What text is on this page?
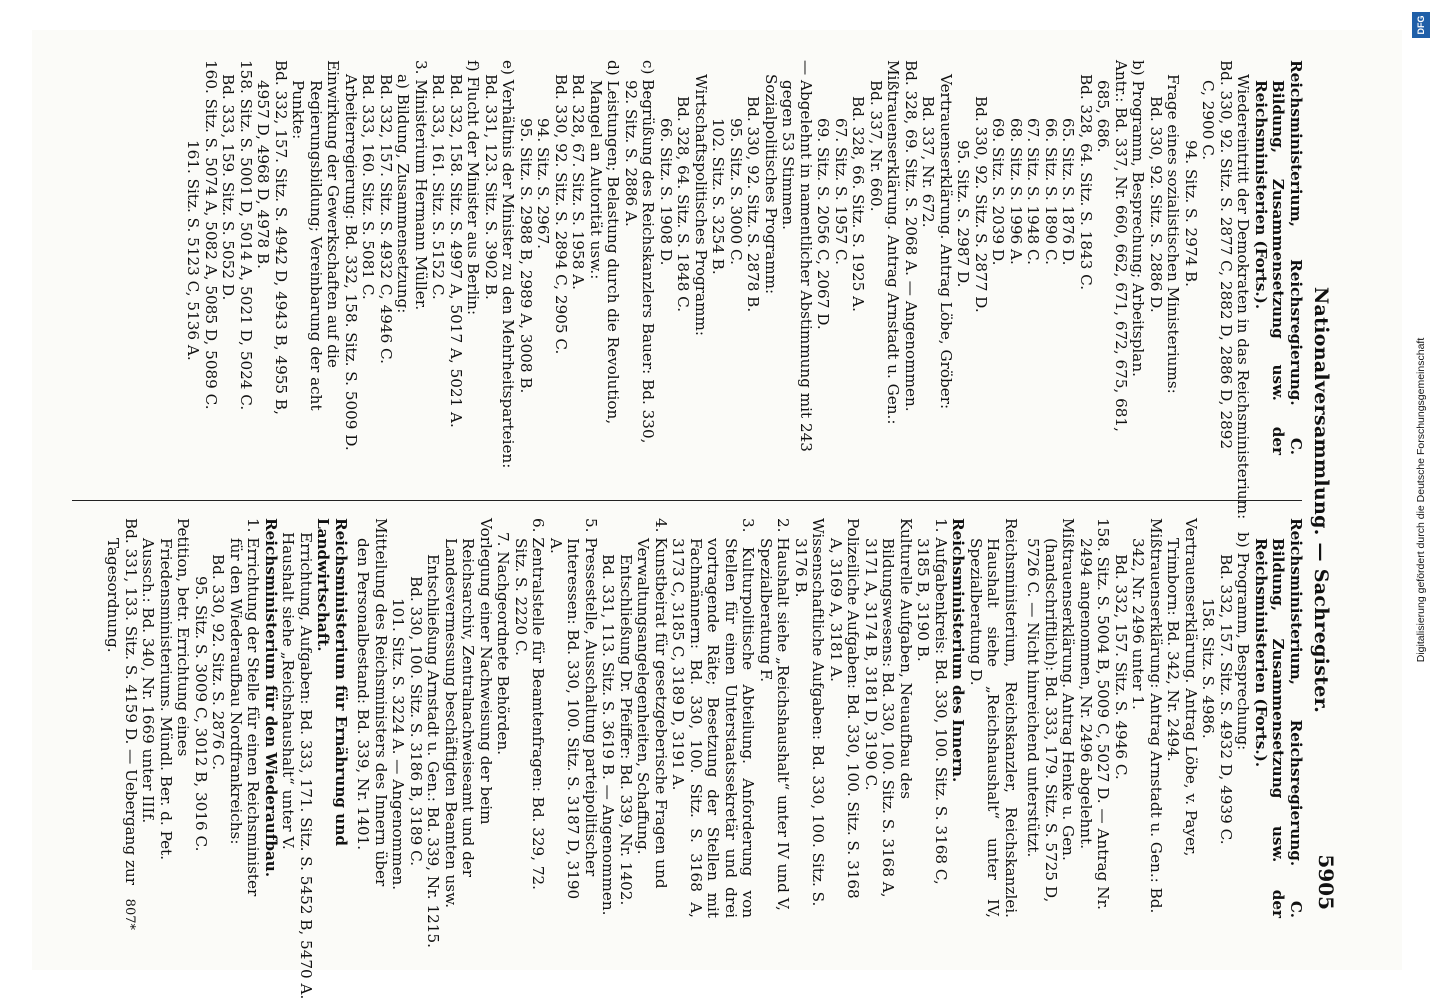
Nationalversammlung. — Sachregister.
5905

Reichsministerium, Reichsregierung. C. Bildung, Zusammensetzung usw. der Reichsministerien (Forts.).

Wiedereintritt der Demokraten in das Reichsministerium:
Bd. 330, 92. Sitz. S. 2877 C, 2882 D, 2886 D, 2892 C, 2900 C.
94. Sitz. S. 2974 B.
Frage eines sozialistischen Ministeriums:
Bd. 330, 92. Sitz. S. 2886 D.
b) Programm, Besprechung; Arbeitsplan.
Antr.: Bd. 337, Nr. 660, 662, 671, 672, 675, 681, 685, 686.
Bd. 328, 64. Sitz. S. 1843 C.
65. Sitz. S. 1876 D.
66. Sitz. S. 1890 C.
67. Sitz. S. 1948 C.
68. Sitz. S. 1996 A.
69. Sitz. S. 2039 D.
Bd. 330, 92. Sitz. S. 2877 D.
95. Sitz. S. 2987 D.
Vertrauenserklärung. Antrag Löbe, Gröber:
Bd. 337, Nr. 672.
Bd. 328, 69. Sitz. S. 2068 A. — Angenommen.
Mißtrauenserklärung. Antrag Arnstadt u. Gen.: Bd. 337, Nr. 660.
Bd. 328, 66. Sitz. S. 1925 A.
67. Sitz. S. 1957 C.
69. Sitz. S. 2056 C, 2067 D.
— Abgelehnt in namentlicher Abstimmung mit 243 gegen 53 Stimmen.
Sozialpolitisches Programm:
Bd. 330, 92. Sitz. S. 2878 B.
95. Sitz. S. 3000 C.
102. Sitz. S. 3254 B.
Wirtschaftspolitisches Programm:
Bd. 328, 64. Sitz. S. 1848 C.
66. Sitz. S. 1908 D.
c) Begrüßung des Reichskanzlers Bauer: Bd. 330, 92. Sitz. S. 2886 A.
d) Leistungen; Belastung durch die Revolution, Mangel an Autorität usw.:
Bd. 328, 67. Sitz. S. 1958 A.
Bd. 330, 92. Sitz. S. 2894 C, 2905 C.
94. Sitz. S. 2967.
95. Sitz. S. 2988 B, 2989 A, 3008 B.
e) Verhältnis der Minister zu den Mehrheitsparteien:
Bd. 331, 123. Sitz. S. 3902 B.
f) Flucht der Minister aus Berlin:
Bd. 332, 158. Sitz. S. 4997 A, 5017 A, 5021 A.
Bd. 333, 161. Sitz. S. 5152 C.
3. Ministerium Hermann Müller.
a) Bildung, Zusammensetzung:
Bd. 332, 157. Sitz. S. 4932 C, 4946 C.
Bd. 333, 160. Sitz. S. 5081 C.
Arbeiterregierung: Bd. 332, 158. Sitz. S. 5009 D.
Einwirkung der Gewerkschaften auf die Regierungsbildung; Vereinbarung der acht Punkte:
Bd. 332, 157. Sitz. S. 4942 D, 4943 B, 4955 B, 4957 D, 4968 D, 4978 B.
158. Sitz. S. 5001 D, 5014 A, 5021 D, 5024 C.
Bd. 333, 159. Sitz. S. 5052 D.
160. Sitz. S. 5074 A, 5082 A, 5085 D, 5089 C.
161. Sitz. S. 5123 C, 5136 A.

Reichsministerium, Reichsregierung. C. Bildung, Zusammensetzung usw. der Reichsministerien (Forts.).

b) Programm, Besprechung:
Bd. 332, 157. Sitz. S. 4932 D, 4939 C.
158. Sitz. S. 4986.
Vertrauenserklärung. Antrag Löbe, v. Payer, Trimborn: Bd. 342, Nr. 2494.
Mißtrauenserklärung: Antrag Arnstadt u. Gen.: Bd. 342, Nr. 2496 unter 1.
Bd. 332, 157. Sitz. S. 4946 C.
158. Sitz. S. 5004 B, 5009 C, 5027 D. — Antrag Nr. 2494 angenommen, Nr. 2496 abgelehnt.
Mißtrauenserklärung. Antrag Henke u. Gen. (handschriftlich): Bd. 333, 179. Sitz. S. 5725 D, 5726 C. — Nicht hinreichend unterstützt.

Reichsministerium, Reichskanzler, Reichskanzlei. Haushalt siehe „Reichshaushalt“ unter IV, Spezialberatung D.

Reichsministerium des Innern.

1. Aufgabenkreis: Bd. 330, 100. Sitz. S. 3168 C, 3185 B, 3190 B.
Kulturelle Aufgaben, Neuaufbau des Bildungswesens: Bd. 330, 100. Sitz. S. 3168 A, 3171 A, 3174 B, 3181 D, 3190 C.
Polizeiliche Aufgaben: Bd. 330, 100. Sitz. S. 3168 A, 3169 A, 3181 A.
Wissenschaftliche Aufgaben: Bd. 330, 100. Sitz. S. 3176 B.
2. Haushalt siehe „Reichshaushalt“ unter IV und V, Spezialberatung F.
3. Kulturpolitische Abteilung. Anforderung von Stellen für einen Unterstaatssekretär und drei vortragende Räte; Besetzung der Stellen mit Fachmännern: Bd. 330, 100. Sitz. S. 3168 A, 3173 C, 3185 C, 3189 D, 3191 A.
4. Kunstbeirat für gesetzgeberische Fragen und Verwaltungsangelegenheiten, Schaffung.
Entschließung Dr. Pfeiffer: Bd. 339, Nr. 1402.
Bd. 331, 113. Sitz. S. 3619 B. — Angenommen.
5. Pressestelle, Ausschaltung parteipolitischer Interessen: Bd. 330, 100. Sitz. S. 3187 D, 3190 A.
6. Zentralstelle für Beamtenfragen: Bd. 329, 72. Sitz. S. 2220 C.
7. Nachgeordnete Behörden.
Vorlegung einer Nachweisung der beim Reichsarchiv, Zentralnachweiseamt und der Landesvermessung beschäftigten Beamten usw.
Entschließung Arnstadt u. Gen.: Bd. 339, Nr. 1215.
Bd. 330, 100. Sitz. S. 3186 B, 3189 C.
101. Sitz. S. 3224 A. — Angenommen.
Mitteilung des Reichsministers des Innern über den Personalbestand: Bd. 339, Nr. 1401.

Reichsministerium für Ernährung und Landwirtschaft.

Errichtung, Aufgaben: Bd. 333, 171. Sitz. S. 5452 B, 5470 A.
Haushalt siehe „Reichshaushalt“ unter V.

Reichsministerium für den Wiederaufbau.

1. Errichtung der Stelle für einen Reichsminister für den Wiederaufbau Nordfrankreichs:
Bd. 330, 92. Sitz. S. 2876 C.
95. Sitz. S. 3009 C, 3012 B, 3016 C.
Petition, betr. Errichtung eines Friedensministeriums. Mündl. Ber. d. Pet. Aussch.: Bd. 340, Nr. 1669 unter IIIf.
Bd. 331, 133. Sitz. S. 4159 D. — Uebergang zur Tagesordnung.
807*
DFG
Digitalisierung gefördert durch die Deutsche Forschungsgemeinschaft
